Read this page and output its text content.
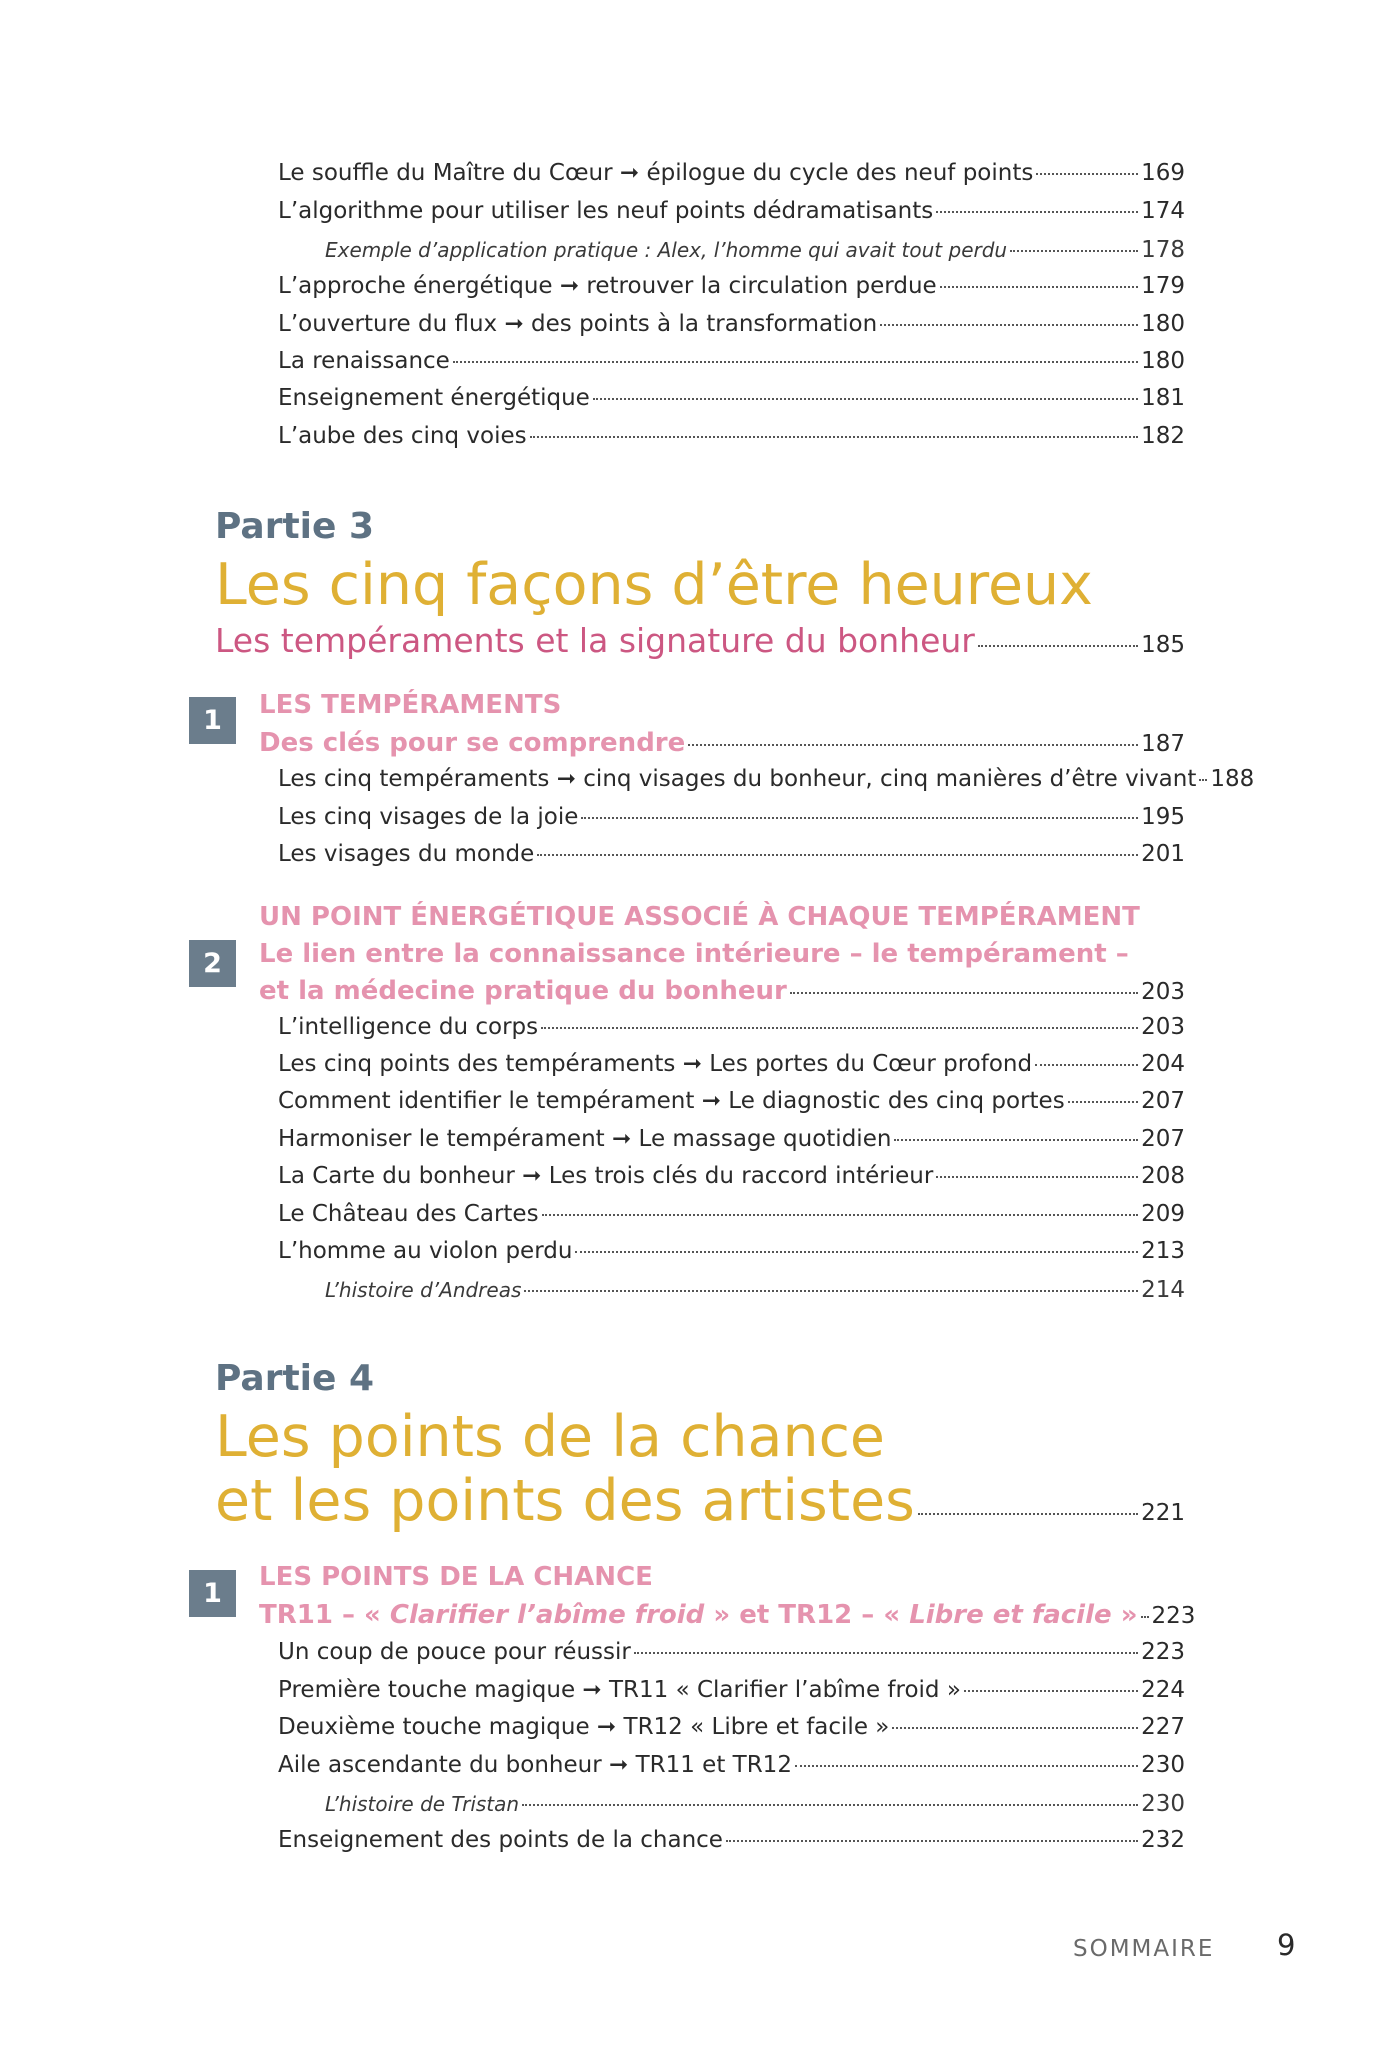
Le souffle du Maître du Cœur ➞ épilogue du cycle des neuf points	169
L’algorithme pour utiliser les neuf points dédramatisants	174
Exemple d’application pratique : Alex, l’homme qui avait tout perdu	178
L’approche énergétique ➞ retrouver la circulation perdue	179
L’ouverture du flux ➞ des points à la transformation	180
La renaissance	180
Enseignement énergétique	181
L’aube des cinq voies	182
Partie 3
Les cinq façons d’être heureux
Les tempéraments et la signature du bonheur	185
1	LES TEMPÉRAMENTS
Des clés pour se comprendre	187
Les cinq tempéraments ➞ cinq visages du bonheur, cinq manières d’être vivant 188
Les cinq visages de la joie	195
Les visages du monde	201
UN POINT ÉNERGÉTIQUE ASSOCIÉ À CHAQUE TEMPÉRAMENT
2	Le lien entre la connaissance intérieure – le tempérament –
et la médecine pratique du bonheur	203
L’intelligence du corps	203
Les cinq points des tempéraments ➞ Les portes du Cœur profond	204
Comment identifier le tempérament ➞ Le diagnostic des cinq portes	207
Harmoniser le tempérament ➞ Le massage quotidien	207
La Carte du bonheur ➞ Les trois clés du raccord intérieur	208
Le Château des Cartes	209
L’homme au violon perdu	213
L’histoire d’Andreas	214
Partie 4
Les points de la chance
et les points des artistes	221
1
LES POINTS DE LA CHANCE
TR11 – « Clarifier l’abîme froid » et TR12 – « Libre et facile » 223
Un coup de pouce pour réussir	223
Première touche magique ➞ TR11 « Clarifier l’abîme froid »	224
Deuxième touche magique ➞ TR12 « Libre et facile »	227
Aile ascendante du bonheur ➞ TR11 et TR12	230
L’histoire de Tristan	230
Enseignement des points de la chance	232
SOMMAIRE 9
